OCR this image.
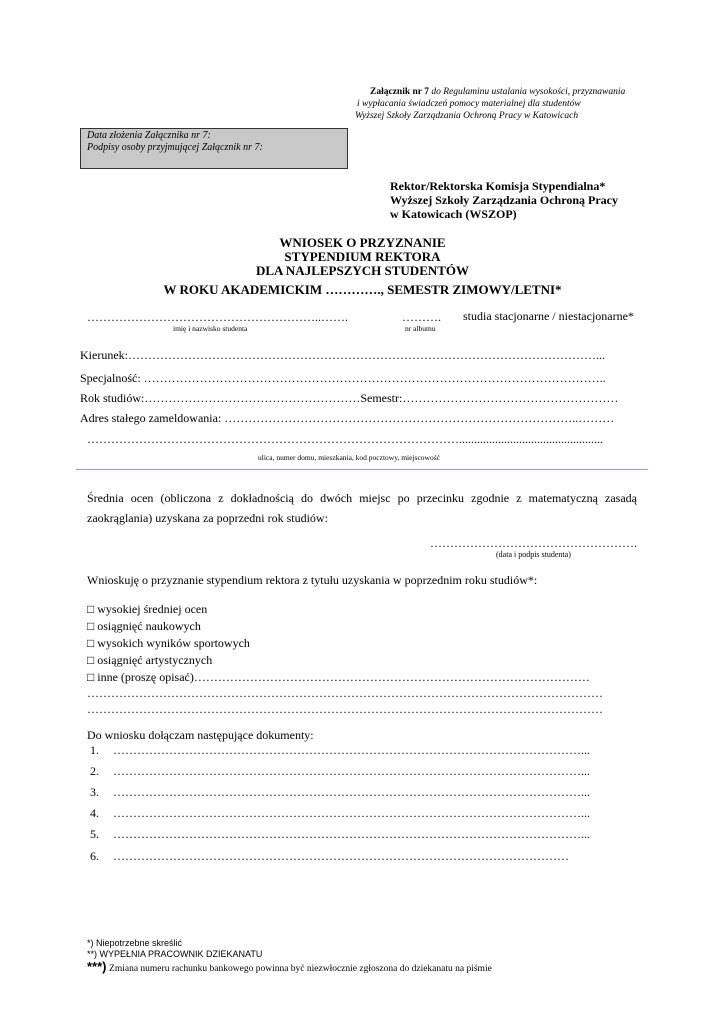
Załącznik nr 7 do Regulaminu ustalania wysokości, przyznawania
i wypłacania świadczeń pomocy materialnej dla studentów
Wyższej Szkoły Zarządzania Ochroną Pracy w Katowicach
Data złożenia Załącznika nr 7:
Podpisy osoby przyjmującej Załącznik nr 7:
Rektor/Rektorska Komisja Stypendialna*
Wyższej Szkoły Zarządzania Ochroną Pracy
w Katowicach (WSZOP)
WNIOSEK O PRZYZNANIE
STYPENDIUM REKTORA
DLA NAJLEPSZYCH STUDENTÓW
W ROKU AKADEMICKIM …………., SEMESTR ZIMOWY/LETNI*
…………………………………………………..…….	………. studia stacjonarne / niestacjonarne*
imię i nazwisko studenta	nr albumu
Kierunek:………………………………………………………………………………………………………...
Specjalność: ……………………………………………………………………………………………………..
Rok studiów:………………………………………………Semestr:………………………………………………
Adres stałego zameldowania: ……………………………………………………………………………..………
…………………………………………………………………………………................................................
ulica, numer domu, mieszkania, kod pocztowy, miejscowość
Średnia ocen (obliczona z dokładnością do dwóch miejsc po przecinku zgodnie z matematyczną zasadą zaokrąglania) uzyskana za poprzedni rok studiów:
…………………………………………….
(data i podpis studenta)
Wnioskuję o przyznanie stypendium rektora z tytułu uzyskania w poprzednim roku studiów*:
□ wysokiej średniej ocen
□ osiągnięć naukowych
□ wysokich wyników sportowych
□ osiągnięć artystycznych
□ inne (proszę opisać)………………………………………………………………………………………
…………………………………………………………………………………………………………………
…………………………………………………………………………………………………………………
Do wniosku dołączam następujące dokumenty:
1. ………………………………………………………………………………………………………...
2. ………………………………………………………………………………………………………...
3. ………………………………………………………………………………………………………...
4. ………………………………………………………………………………………………………...
5. ………………………………………………………………………………………………………...
6. ……………………………………………………………………………………………………
*) Niepotrzebne skreślić
**) WYPEŁNIA PRACOWNIK DZIEKANATU
***) Zmiana numeru rachunku bankowego powinna być niezwłocznie zgłoszona do dziekanatu na piśmie
